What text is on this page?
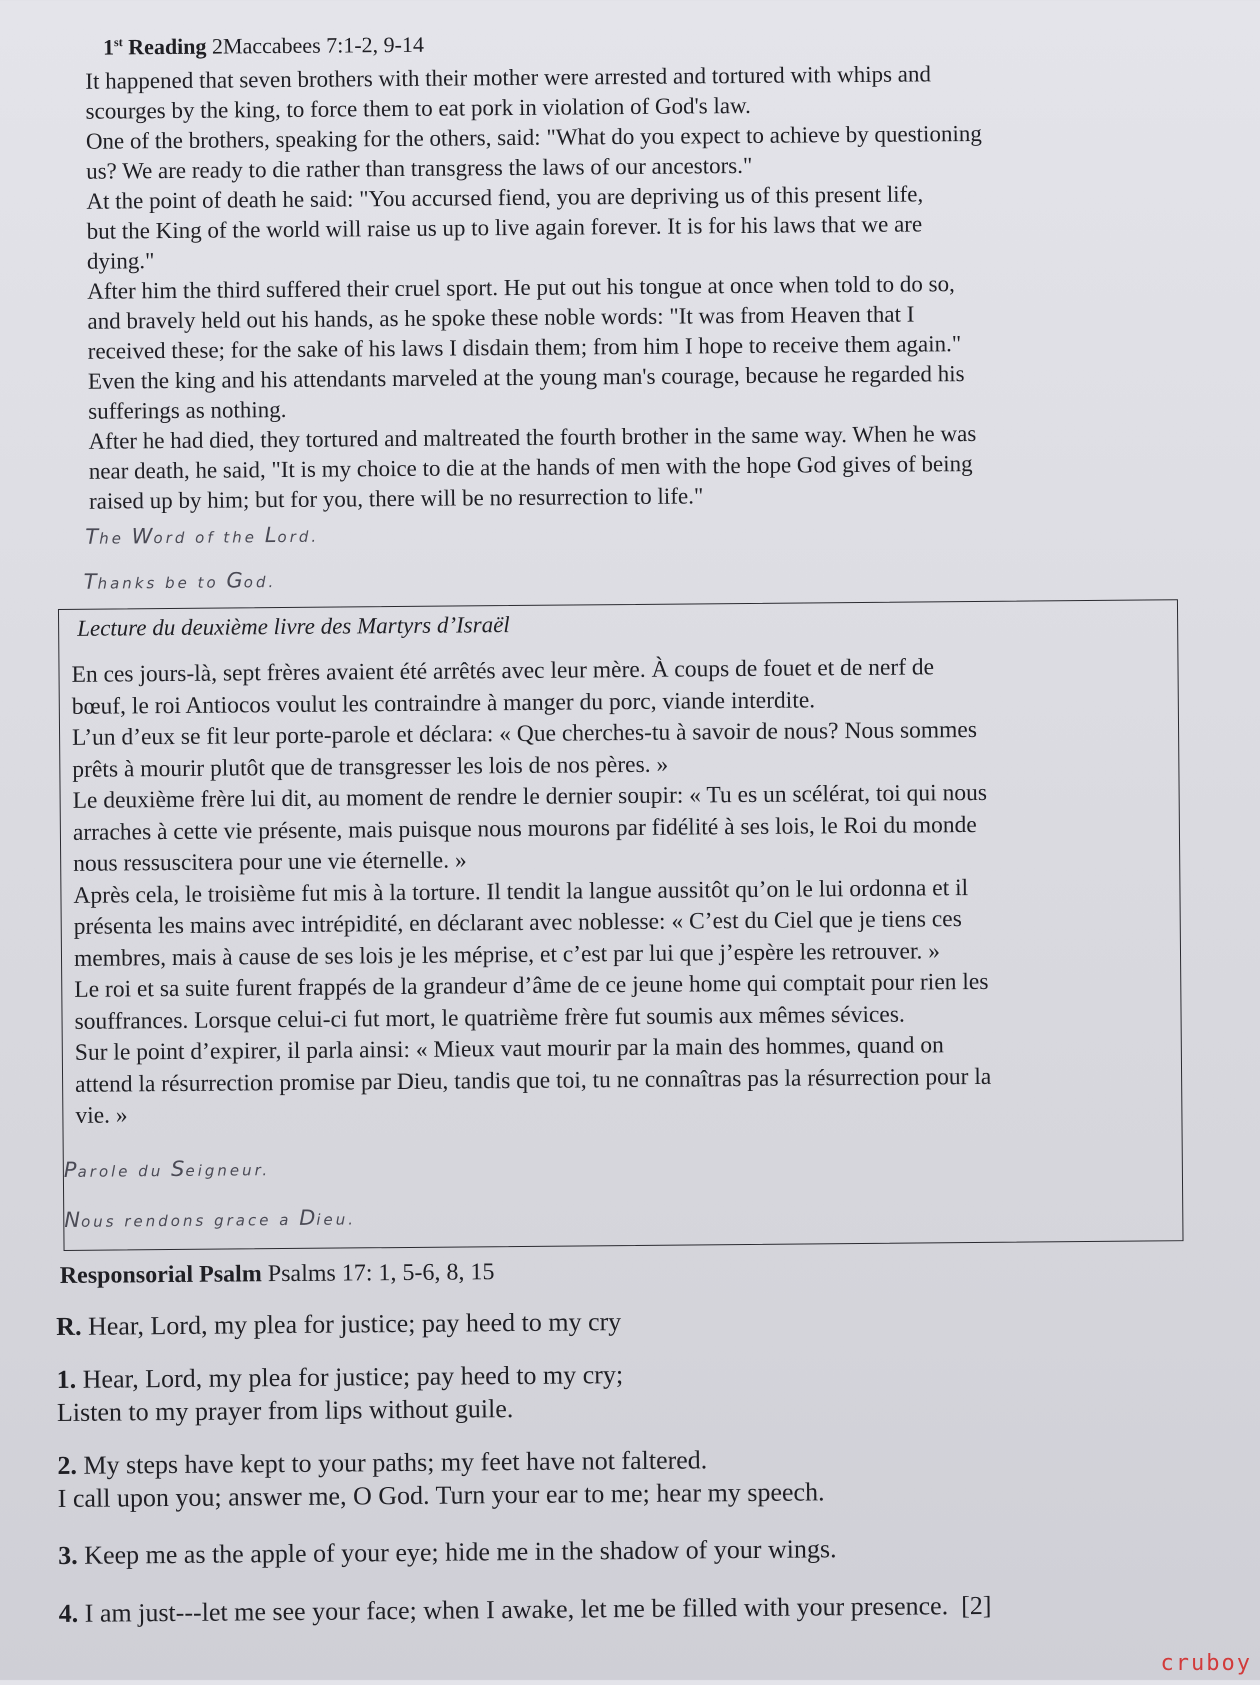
1st Reading 2Maccabees 7:1-2, 9-14
It happened that seven brothers with their mother were arrested and tortured with whips and
scourges by the king, to force them to eat pork in violation of God's law.
One of the brothers, speaking for the others, said: "What do you expect to achieve by questioning
us? We are ready to die rather than transgress the laws of our ancestors."
At the point of death he said: "You accursed fiend, you are depriving us of this present life,
but the King of the world will raise us up to live again forever. It is for his laws that we are
dying."
After him the third suffered their cruel sport. He put out his tongue at once when told to do so,
and bravely held out his hands, as he spoke these noble words: "It was from Heaven that I
received these; for the sake of his laws I disdain them; from him I hope to receive them again."
Even the king and his attendants marveled at the young man's courage, because he regarded his
sufferings as nothing.
After he had died, they tortured and maltreated the fourth brother in the same way. When he was
near death, he said, "It is my choice to die at the hands of men with the hope God gives of being
raised up by him; but for you, there will be no resurrection to life."
The Word of the Lord.
Thanks be to God.
Lecture du deuxième livre des Martyrs d’Israël
En ces jours-là, sept frères avaient été arrêtés avec leur mère. À coups de fouet et de nerf de
bœuf, le roi Antiocos voulut les contraindre à manger du porc, viande interdite.
L’un d’eux se fit leur porte-parole et déclara: « Que cherches-tu à savoir de nous? Nous sommes
prêts à mourir plutôt que de transgresser les lois de nos pères. »
Le deuxième frère lui dit, au moment de rendre le dernier soupir: « Tu es un scélérat, toi qui nous
arraches à cette vie présente, mais puisque nous mourons par fidélité à ses lois, le Roi du monde
nous ressuscitera pour une vie éternelle. »
Après cela, le troisième fut mis à la torture. Il tendit la langue aussitôt qu’on le lui ordonna et il
présenta les mains avec intrépidité, en déclarant avec noblesse: « C’est du Ciel que je tiens ces
membres, mais à cause de ses lois je les méprise, et c’est par lui que j’espère les retrouver. »
Le roi et sa suite furent frappés de la grandeur d’âme de ce jeune home qui comptait pour rien les
souffrances. Lorsque celui-ci fut mort, le quatrième frère fut soumis aux mêmes sévices.
Sur le point d’expirer, il parla ainsi: « Mieux vaut mourir par la main des hommes, quand on
attend la résurrection promise par Dieu, tandis que toi, tu ne connaîtras pas la résurrection pour la
vie. »
Parole du Seigneur.
Nous rendons grace a Dieu.
Responsorial Psalm Psalms 17: 1, 5-6, 8, 15
R. Hear, Lord, my plea for justice; pay heed to my cry
1. Hear, Lord, my plea for justice; pay heed to my cry;
Listen to my prayer from lips without guile.
2. My steps have kept to your paths; my feet have not faltered.
I call upon you; answer me, O God. Turn your ear to me; hear my speech.
3. Keep me as the apple of your eye; hide me in the shadow of your wings.
4. I am just---let me see your face; when I awake, let me be filled with your presence. [2]
cruboy
